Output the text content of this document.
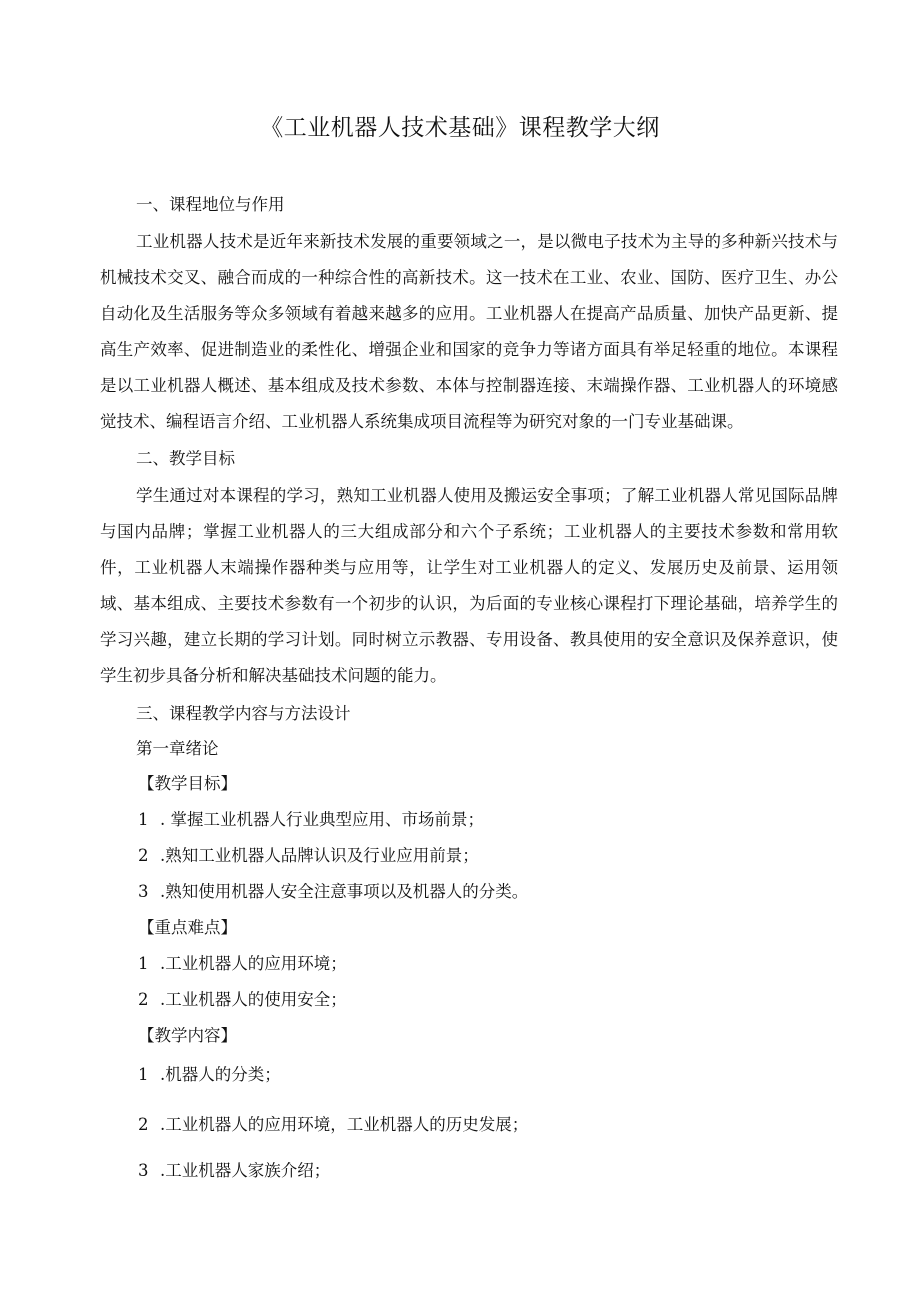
《工业机器人技术基础》课程教学大纲
一、课程地位与作用

工业机器人技术是近年来新技术发展的重要领域之一，是以微电子技术为主导的多种新兴技术与机械技术交叉、融合而成的一种综合性的高新技术。这一技术在工业、农业、国防、医疗卫生、办公自动化及生活服务等众多领域有着越来越多的应用。工业机器人在提高产品质量、加快产品更新、提高生产效率、促进制造业的柔性化、增强企业和国家的竞争力等诸方面具有举足轻重的地位。本课程是以工业机器人概述、基本组成及技术参数、本体与控制器连接、末端操作器、工业机器人的环境感觉技术、编程语言介绍、工业机器人系统集成项目流程等为研究对象的一门专业基础课。

二、教学目标

学生通过对本课程的学习，熟知工业机器人使用及搬运安全事项；了解工业机器人常见国际品牌与国内品牌；掌握工业机器人的三大组成部分和六个子系统；工业机器人的主要技术参数和常用软件，工业机器人末端操作器种类与应用等，让学生对工业机器人的定义、发展历史及前景、运用领域、基本组成、主要技术参数有一个初步的认识，为后面的专业核心课程打下理论基础，培养学生的学习兴趣，建立长期的学习计划。同时树立示教器、专用设备、教具使用的安全意识及保养意识，使学生初步具备分析和解决基础技术问题的能力。

三、课程教学内容与方法设计
第一章绪论
【教学目标】
1 . 掌握工业机器人行业典型应用、市场前景；
2 .熟知工业机器人品牌认识及行业应用前景；
3 .熟知使用机器人安全注意事项以及机器人的分类。
【重点难点】
1 .工业机器人的应用环境；
2 .工业机器人的使用安全；
【教学内容】
1 .机器人的分类；
2 .工业机器人的应用环境，工业机器人的历史发展；
3 .工业机器人家族介绍；
